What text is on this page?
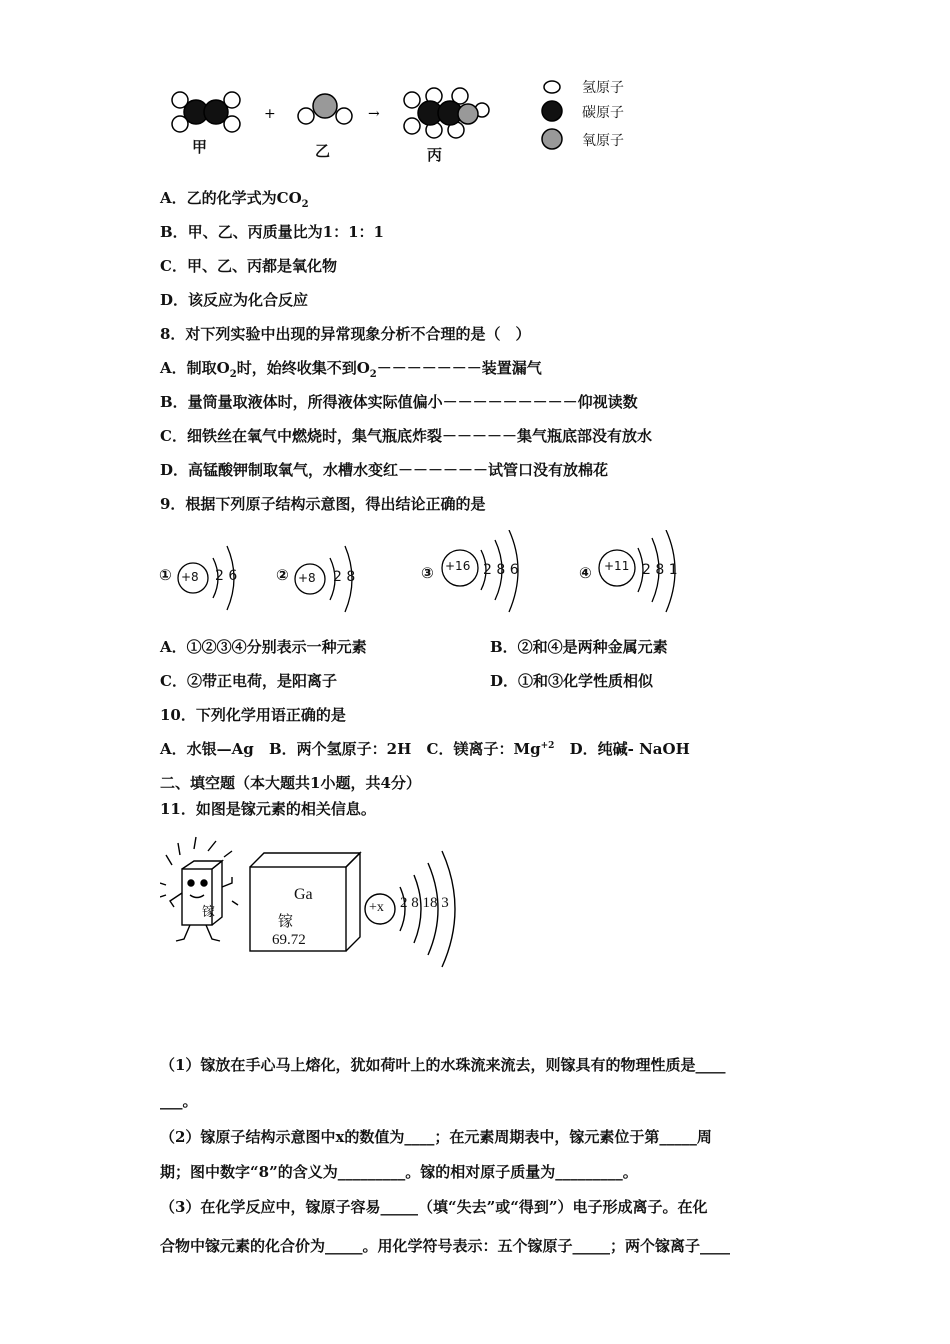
+	→
甲	乙	丙
氢原子
碳原子
氧原子
A．乙的化学式为$CO_2$
B．甲、乙、丙质量比为1：1：1
C．甲、乙、丙都是氧化物
D．该反应为化合反应
8．对下列实验中出现的异常现象分析不合理的是（　）
A．制取$O_2$时，始终收集不到$O_2-------$装置漏气
B．量筒量取液体时，所得液体实际值偏小－－－－－－－－－仰视读数
C．细铁丝在氧气中燃烧时，集气瓶底炸裂－－－－－集气瓶底部没有放水
D．高锰酸钾制取氧气，水槽水变红－－－－－－试管口没有放棉花
9．根据下列原子结构示意图，得出结论正确的是
① +8 2 6	② +8 2 8	③ +16 2 8 6	④ +11 2 8 1
A．①②③④分别表示一种元素	B．②和④是两种金属元素
C．②带正电荷，是阳离子	D．①和③化学性质相似
10．下列化学用语正确的是
A．水银—Ag B．两个氢原子：2H C．镁离子：$Mg^{+2}$ D．纯碱- NaOH
二、填空题（本大题共1小题，共4分）
11．如图是镓元素的相关信息。
镓
Ga
镓
69.72
+x 2 8 18 3
（1）镓放在手心马上熔化，犹如荷叶上的水珠流来流去，则镓具有的物理性质是____
___。
（2）镓原子结构示意图中x的数值为____；在元素周期表中，镓元素位于第_____周
期；图中数字“8”的含义为_________。镓的相对原子质量为_________。
（3）在化学反应中，镓原子容易_____（填“失去”或“得到”）电子形成离子。在化
合物中镓元素的化合价为_____。用化学符号表示：五个镓原子_____；两个镓离子____
